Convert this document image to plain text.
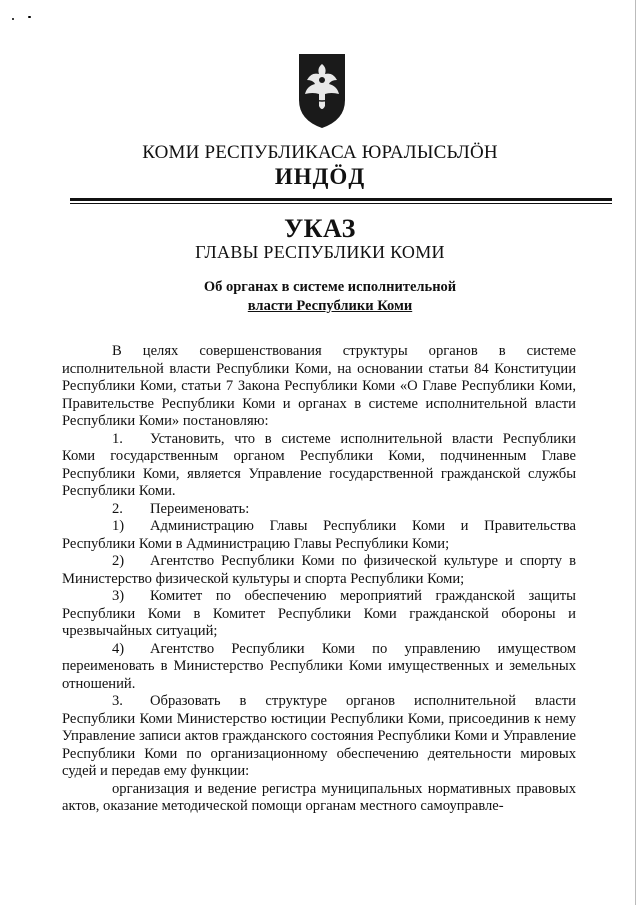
КОМИ РЕСПУБЛИКАСА ЮРАЛЫСЬЛÖН
ИНДÖД
УКАЗ
ГЛАВЫ РЕСПУБЛИКИ КОМИ
Об органах в системе исполнительной
власти Республики Коми

В целях совершенствования структуры органов в системе исполнительной власти Республики Коми, на основании статьи 84 Конституции Республики Коми, статьи 7 Закона Республики Коми «О Главе Республики Коми, Правительстве Республики Коми и органах в системе исполнительной власти Республики Коми» постановляю:

1. Установить, что в системе исполнительной власти Республики Коми государственным органом Республики Коми, подчиненным Главе Республики Коми, является Управление государственной гражданской службы Республики Коми.

2. Переименовать:

1) Администрацию Главы Республики Коми и Правительства Республики Коми в Администрацию Главы Республики Коми;

2) Агентство Республики Коми по физической культуре и спорту в Министерство физической культуры и спорта Республики Коми;

3) Комитет по обеспечению мероприятий гражданской защиты Республики Коми в Комитет Республики Коми гражданской обороны и чрезвычайных ситуаций;

4) Агентство Республики Коми по управлению имуществом переименовать в Министерство Республики Коми имущественных и земельных отношений.

3. Образовать в структуре органов исполнительной власти Республики Коми Министерство юстиции Республики Коми, присоединив к нему Управление записи актов гражданского состояния Республики Коми и Управление Республики Коми по организационному обеспечению деятельности мировых судей и передав ему функции:

организация и ведение регистра муниципальных нормативных правовых актов, оказание методической помощи органам местного самоуправле-
